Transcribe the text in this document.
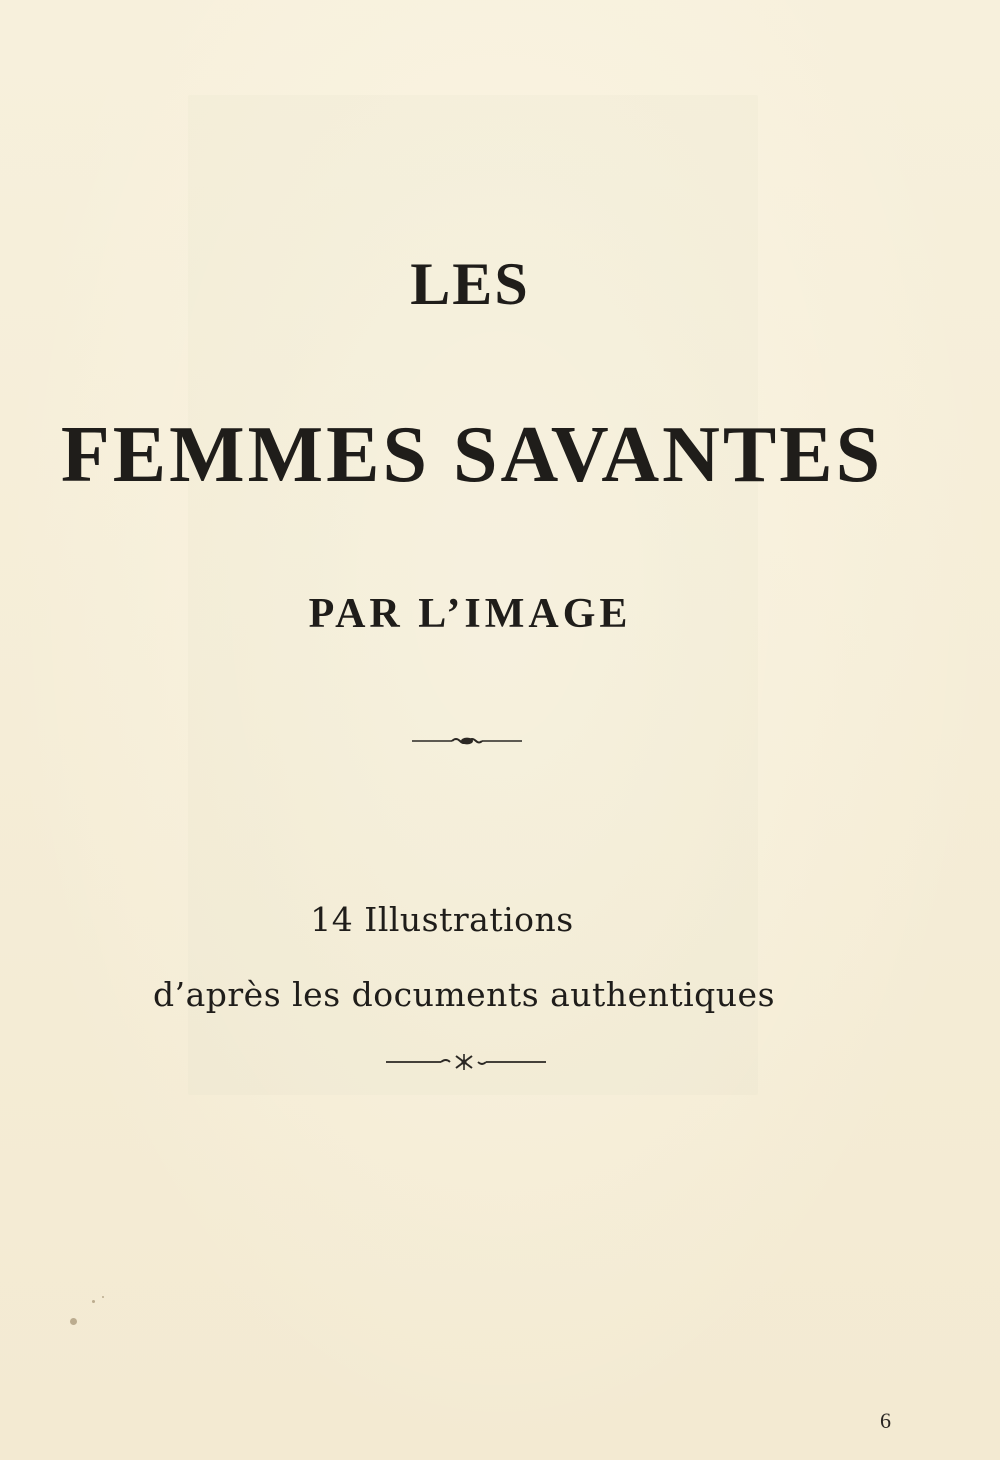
LES
FEMMES SAVANTES
PAR L’IMAGE
14 Illustrations
d’après les documents authentiques
6
